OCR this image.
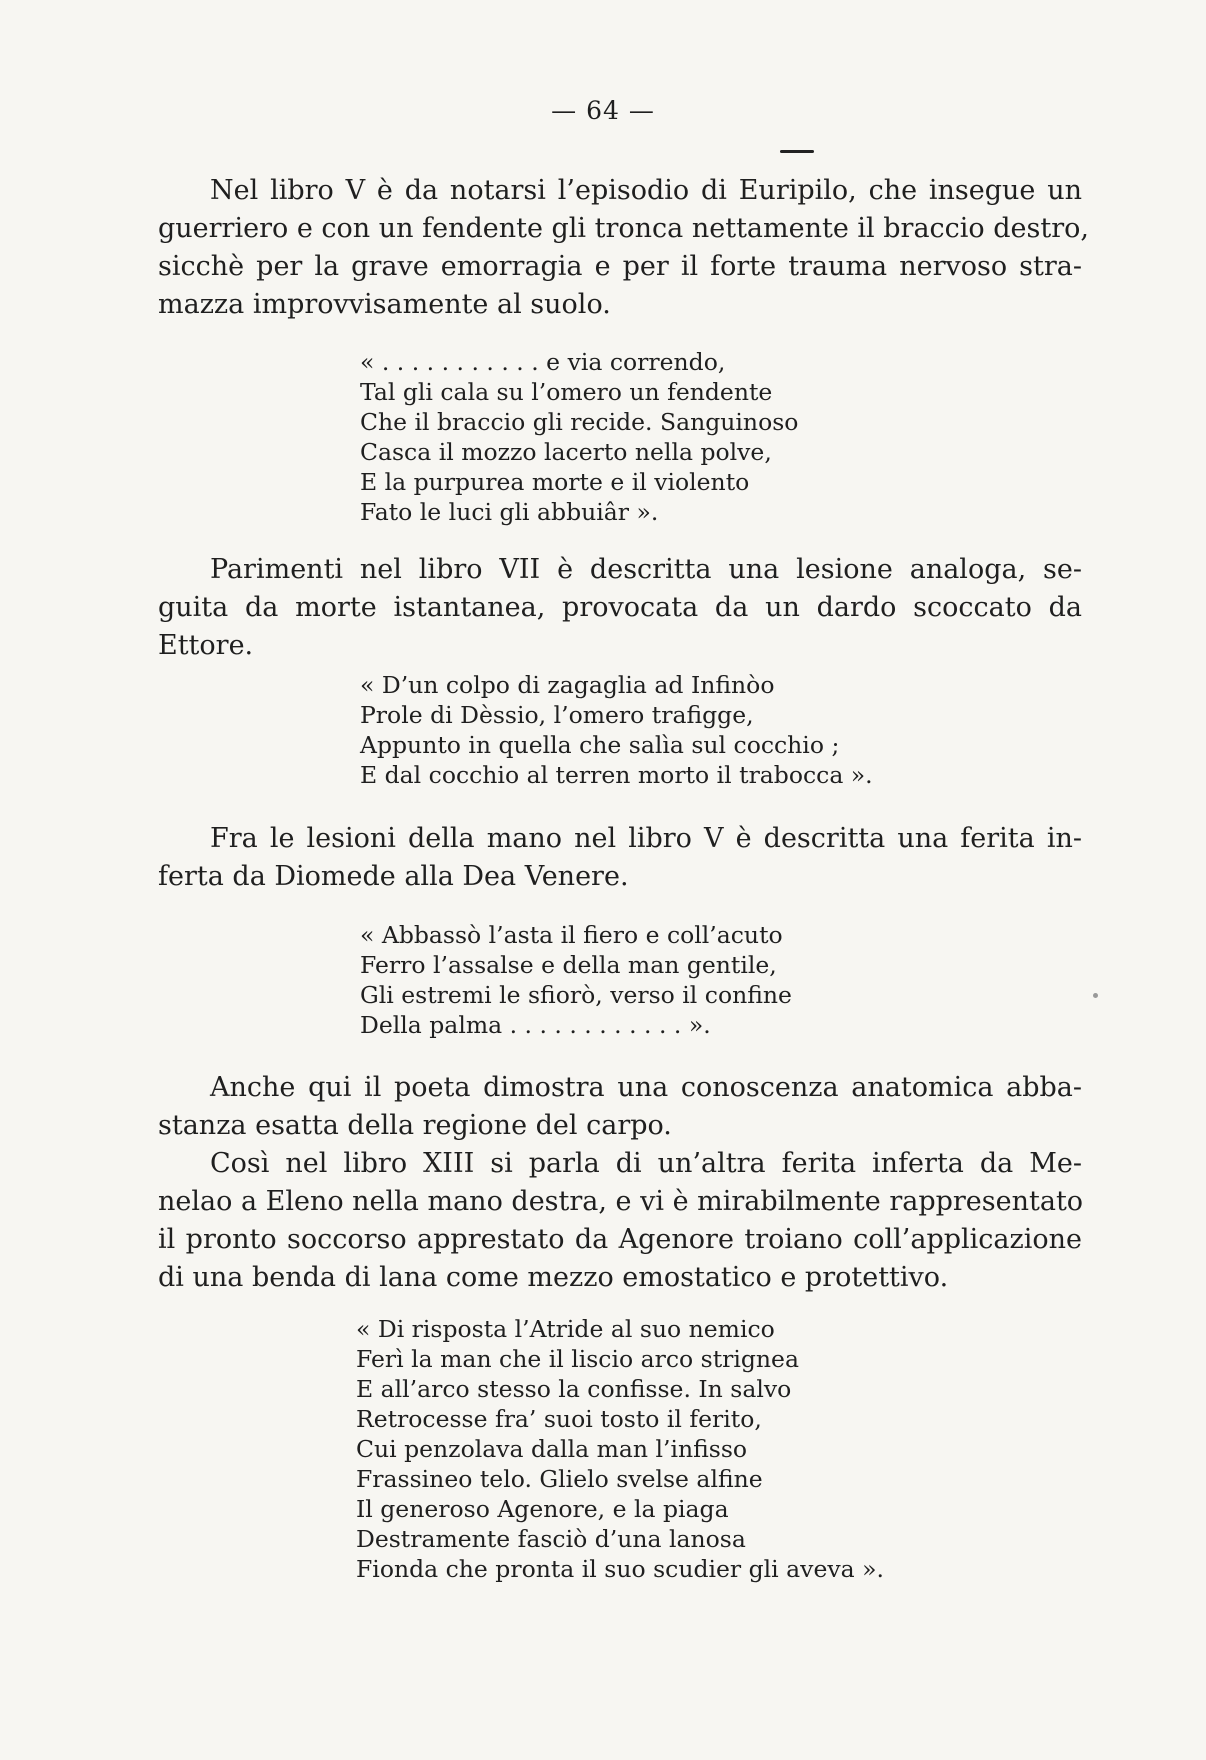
— 64 —
Nel libro V è da notarsi l’episodio di Euripilo, che insegue un
guerriero e con un fendente gli tronca nettamente il braccio destro,
sicchè per la grave emorragia e per il forte trauma nervoso stra-
mazza improvvisamente al suolo.
« . . . . . . . . . . . e via correndo,
Tal gli cala su l’omero un fendente
Che il braccio gli recide. Sanguinoso
Casca il mozzo lacerto nella polve,
E la purpurea morte e il violento
Fato le luci gli abbuiâr ».
Parimenti nel libro VII è descritta una lesione analoga, se-
guita da morte istantanea, provocata da un dardo scoccato da
Ettore.
« D’un colpo di zagaglia ad Infinòo
Prole di Dèssio, l’omero trafigge,
Appunto in quella che salìa sul cocchio ;
E dal cocchio al terren morto il trabocca ».
Fra le lesioni della mano nel libro V è descritta una ferita in-
ferta da Diomede alla Dea Venere.
« Abbassò l’asta il fiero e coll’acuto
Ferro l’assalse e della man gentile,
Gli estremi le sfiorò, verso il confine
Della palma . . . . . . . . . . . . ».
Anche qui il poeta dimostra una conoscenza anatomica abba-
stanza esatta della regione del carpo.
Così nel libro XIII si parla di un’altra ferita inferta da Me-
nelao a Eleno nella mano destra, e vi è mirabilmente rappresentato
il pronto soccorso apprestato da Agenore troiano coll’applicazione
di una benda di lana come mezzo emostatico e protettivo.
« Di risposta l’Atride al suo nemico
Ferì la man che il liscio arco strignea
E all’arco stesso la confisse. In salvo
Retrocesse fra’ suoi tosto il ferito,
Cui penzolava dalla man l’infisso
Frassineo telo. Glielo svelse alfine
Il generoso Agenore, e la piaga
Destramente fasciò d’una lanosa
Fionda che pronta il suo scudier gli aveva ».
